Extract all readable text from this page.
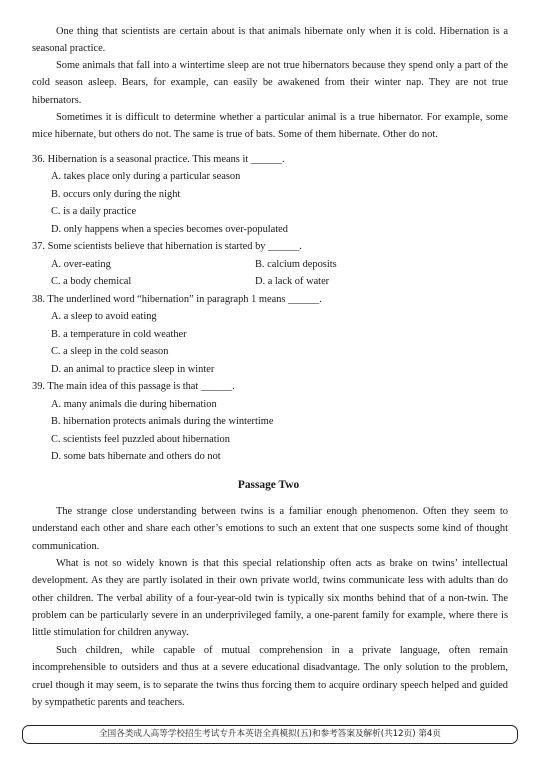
One thing that scientists are certain about is that animals hibernate only when it is cold. Hibernation is a seasonal practice.

Some animals that fall into a wintertime sleep are not true hibernators because they spend only a part of the cold season asleep. Bears, for example, can easily be awakened from their winter nap. They are not true hibernators.

Sometimes it is difficult to determine whether a particular animal is a true hibernator. For example, some mice hibernate, but others do not. The same is true of bats. Some of them hibernate. Other do not.

36. Hibernation is a seasonal practice. This means it ______.

A. takes place only during a particular season

B. occurs only during the night

C. is a daily practice

D. only happens when a species becomes over-populated

37. Some scientists believe that hibernation is started by ______.

A. over-eating	B. calcium deposits

C. a body chemical	D. a lack of water

38. The underlined word “hibernation” in paragraph 1 means ______.

A. a sleep to avoid eating

B. a temperature in cold weather

C. a sleep in the cold season

D. an animal to practice sleep in winter

39. The main idea of this passage is that ______.

A. many animals die during hibernation

B. hibernation protects animals during the wintertime

C. scientists feel puzzled about hibernation

D. some bats hibernate and others do not

Passage Two

The strange close understanding between twins is a familiar enough phenomenon. Often they seem to understand each other and share each other’s emotions to such an extent that one suspects some kind of thought communication.

What is not so widely known is that this special relationship often acts as brake on twins’ intellectual development. As they are partly isolated in their own private world, twins communicate less with adults than do other children. The verbal ability of a four-year-old twin is typically six months behind that of a non-twin. The problem can be particularly severe in an underprivileged family, a one-parent family for example, where there is little stimulation for children anyway.

Such children, while capable of mutual comprehension in a private language, often remain incomprehensible to outsiders and thus at a severe educational disadvantage. The only solution to the problem, cruel though it may seem, is to separate the twins thus forcing them to acquire ordinary speech helped and guided by sympathetic parents and teachers.

全国各类成人高等学校招生考试专升本英语全真模拟(五)和参考答案及解析(共12页) 第4页
